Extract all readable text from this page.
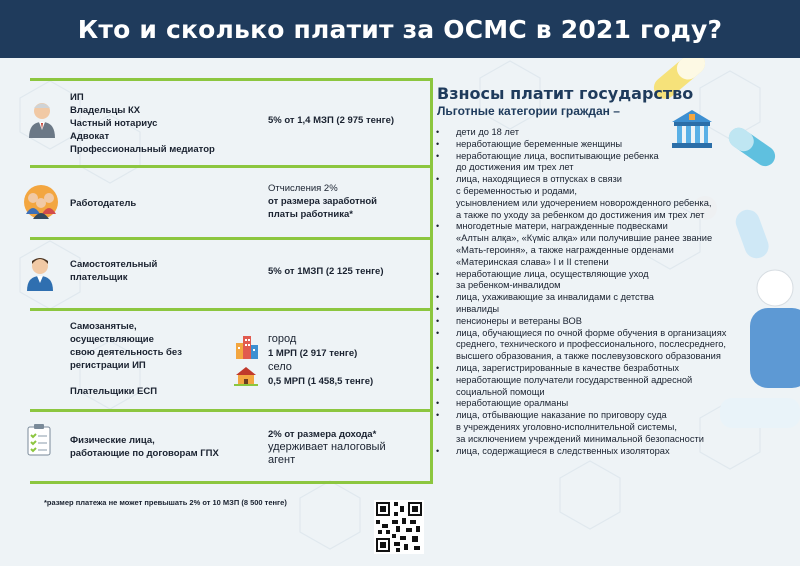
Кто и сколько платит за ОСМС в 2021 году?
ИП
Владельцы КХ
Частный нотариус
Адвокат
Профессиональный медиатор
5% от 1,4 МЗП (2 975 тенге)
Работодатель
Отчисления 2%
от размера заработной
платы работника*
Самостоятельный
плательщик
5% от 1МЗП (2 125 тенге)
Самозанятые,
осуществляющие
свою деятельность без
регистрации ИП
Плательщики ЕСП
город
1 МРП (2 917 тенге)
село
0,5 МРП (1 458,5 тенге)
Физические лица,
работающие по договорам ГПХ
2% от размера дохода*
удерживает налоговый
агент
*размер платежа не может превышать 2% от 10 МЗП (8 500 тенге)
Взносы платит государство
Льготные категории граждан –
• дети до 18 лет
• неработающие беременные женщины
• неработающие лица, воспитывающие ребенка
до достижения им трех лет
• лица, находящиеся в отпусках в связи
с беременностью и родами,
усыновлением или удочерением новорожденного ребенка,
а также по уходу за ребенком до достижения им трех лет
• многодетные матери, награжденные подвесками
«Алтын алқа», «Күміс алқа» или получившие ранее звание
«Мать-героиня», а также награжденные орденами
«Материнская слава» I и II степени
• неработающие лица, осуществляющие уход
за ребенком-инвалидом
• лица, ухаживающие за инвалидами с детства
• инвалиды
• пенсионеры и ветераны ВОВ
• лица, обучающиеся по очной форме обучения в организациях
среднего, технического и профессионального, послесреднего,
высшего образования, а также послевузовского образования
• лица, зарегистрированные в качестве безработных
• неработающие получатели государственной адресной
социальной помощи
• неработающие оралманы
• лица, отбывающие наказание по приговору суда
в учреждениях уголовно-исполнительной системы,
за исключением учреждений минимальной безопасности
• лица, содержащиеся в следственных изоляторах
